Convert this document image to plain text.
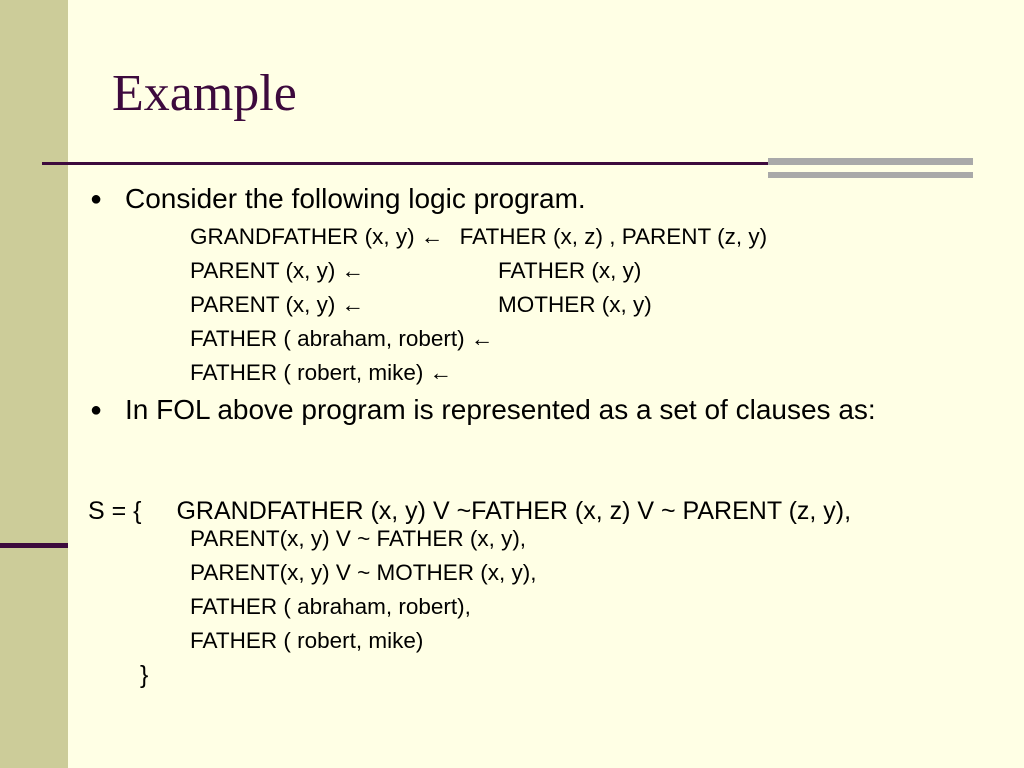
Example
● Consider the following logic program.
GRANDFATHER (x, y) ← FATHER (x, z) , PARENT (z, y)
PARENT (x, y) ←	FATHER (x, y)
PARENT (x, y) ←	MOTHER (x, y)
FATHER ( abraham, robert) ←
FATHER ( robert, mike) ←
● In FOL above program is represented as a set of clauses as:
S = { GRANDFATHER (x, y) V ~FATHER (x, z) V ~ PARENT (z, y),
PARENT(x, y) V ~ FATHER (x, y),
PARENT(x, y) V ~ MOTHER (x, y),
FATHER ( abraham, robert),
FATHER ( robert, mike)
}
